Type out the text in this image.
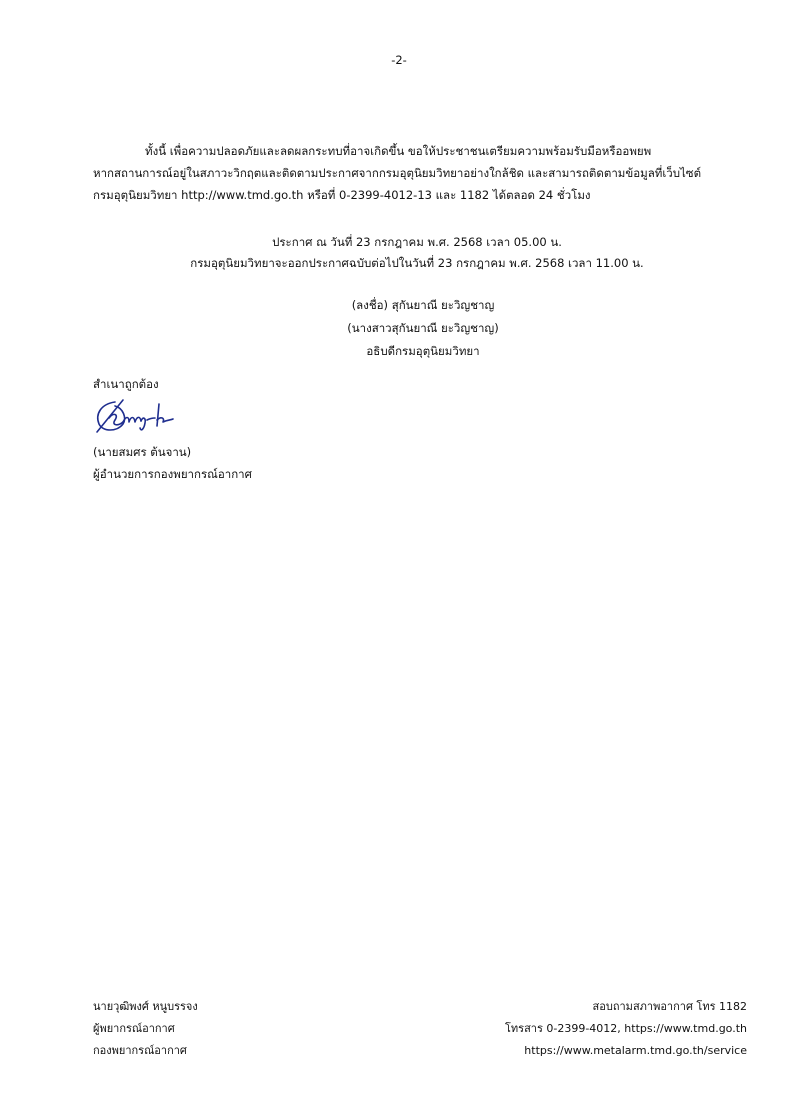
-2-
ทั้งนี้ เพื่อความปลอดภัยและลดผลกระทบที่อาจเกิดขึ้น ขอให้ประชาชนเตรียมความพร้อมรับมือหรืออพยพ
หากสถานการณ์อยู่ในสภาวะวิกฤตและติดตามประกาศจากกรมอุตุนิยมวิทยาอย่างใกล้ชิด และสามารถติดตามข้อมูลที่เว็บไซต์
กรมอุตุนิยมวิทยา http://www.tmd.go.th หรือที่ 0-2399-4012-13 และ 1182 ได้ตลอด 24 ชั่วโมง
ประกาศ ณ วันที่ 23 กรกฎาคม พ.ศ. 2568 เวลา 05.00 น.
กรมอุตุนิยมวิทยาจะออกประกาศฉบับต่อไปในวันที่ 23 กรกฎาคม พ.ศ. 2568 เวลา 11.00 น.
(ลงชื่อ) สุกันยาณี ยะวิญชาญ
(นางสาวสุกันยาณี ยะวิญชาญ)
อธิบดีกรมอุตุนิยมวิทยา
สำเนาถูกต้อง
(นายสมศร ต้นจาน)
ผู้อำนวยการกองพยากรณ์อากาศ
นายวุฒิพงศ์ หนูบรรจง
ผู้พยากรณ์อากาศ
กองพยากรณ์อากาศ
สอบถามสภาพอากาศ โทร 1182
โทรสาร 0-2399-4012, https://www.tmd.go.th
https://www.metalarm.tmd.go.th/service
